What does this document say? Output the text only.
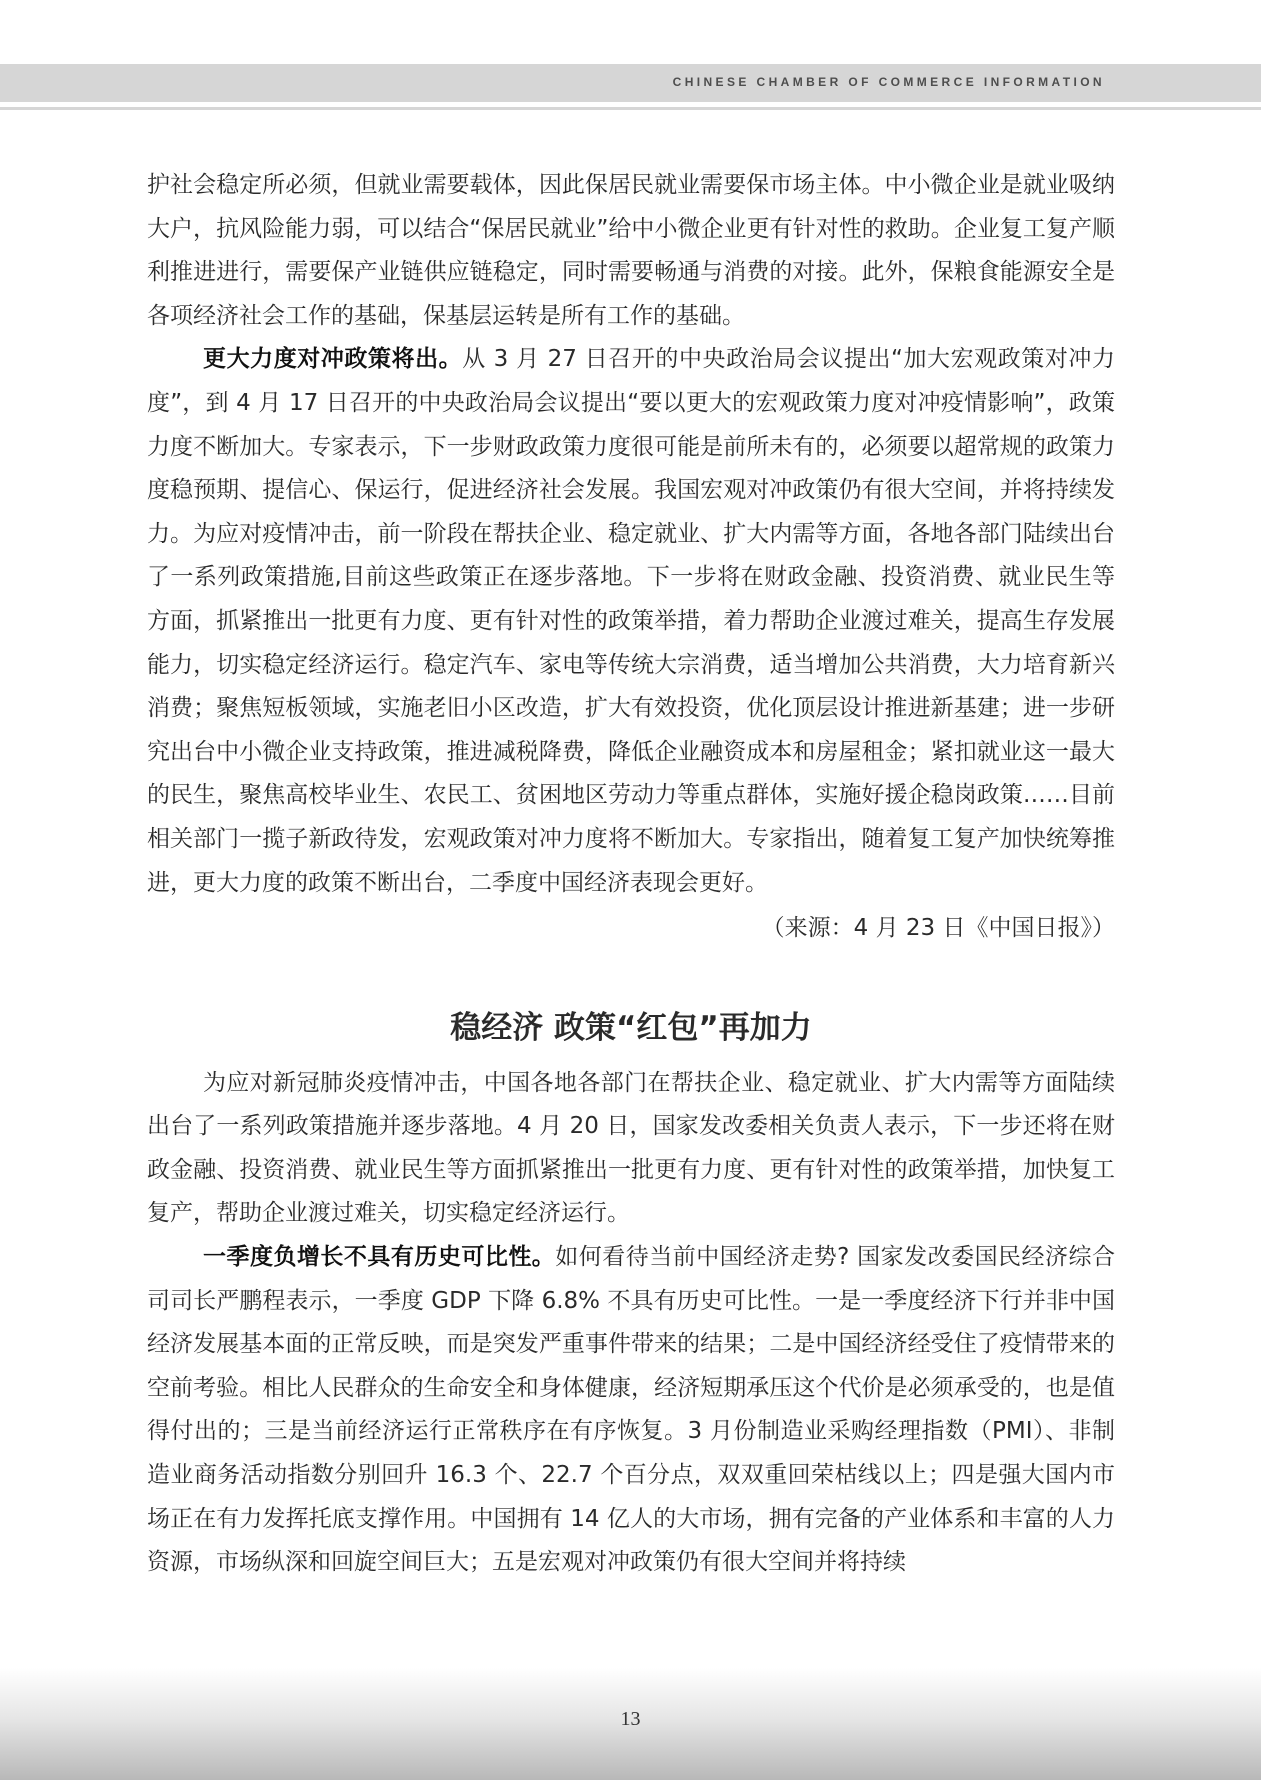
CHINESE CHAMBER OF COMMERCE INFORMATION

护社会稳定所必须，但就业需要载体，因此保居民就业需要保市场主体。中小微企业是就业吸纳大户，抗风险能力弱，可以结合“保居民就业”给中小微企业更有针对性的救助。企业复工复产顺利推进进行，需要保产业链供应链稳定，同时需要畅通与消费的对接。此外，保粮食能源安全是各项经济社会工作的基础，保基层运转是所有工作的基础。

更大力度对冲政策将出。从 3 月 27 日召开的中央政治局会议提出“加大宏观政策对冲力度”，到 4 月 17 日召开的中央政治局会议提出“要以更大的宏观政策力度对冲疫情影响”，政策力度不断加大。专家表示，下一步财政政策力度很可能是前所未有的，必须要以超常规的政策力度稳预期、提信心、保运行，促进经济社会发展。我国宏观对冲政策仍有很大空间，并将持续发力。为应对疫情冲击，前一阶段在帮扶企业、稳定就业、扩大内需等方面，各地各部门陆续出台了一系列政策措施,目前这些政策正在逐步落地。下一步将在财政金融、投资消费、就业民生等方面，抓紧推出一批更有力度、更有针对性的政策举措，着力帮助企业渡过难关，提高生存发展能力，切实稳定经济运行。稳定汽车、家电等传统大宗消费，适当增加公共消费，大力培育新兴消费；聚焦短板领域，实施老旧小区改造，扩大有效投资，优化顶层设计推进新基建；进一步研究出台中小微企业支持政策，推进减税降费，降低企业融资成本和房屋租金；紧扣就业这一最大的民生，聚焦高校毕业生、农民工、贫困地区劳动力等重点群体，实施好援企稳岗政策……目前相关部门一揽子新政待发，宏观政策对冲力度将不断加大。专家指出，随着复工复产加快统筹推进，更大力度的政策不断出台，二季度中国经济表现会更好。

（来源：4 月 23 日《中国日报》）

稳经济 政策“红包”再加力

为应对新冠肺炎疫情冲击，中国各地各部门在帮扶企业、稳定就业、扩大内需等方面陆续出台了一系列政策措施并逐步落地。4 月 20 日，国家发改委相关负责人表示，下一步还将在财政金融、投资消费、就业民生等方面抓紧推出一批更有力度、更有针对性的政策举措，加快复工复产，帮助企业渡过难关，切实稳定经济运行。

一季度负增长不具有历史可比性。如何看待当前中国经济走势? 国家发改委国民经济综合司司长严鹏程表示，一季度 GDP 下降 6.8% 不具有历史可比性。一是一季度经济下行并非中国经济发展基本面的正常反映，而是突发严重事件带来的结果；二是中国经济经受住了疫情带来的空前考验。相比人民群众的生命安全和身体健康，经济短期承压这个代价是必须承受的，也是值得付出的；三是当前经济运行正常秩序在有序恢复。3 月份制造业采购经理指数（PMI）、非制造业商务活动指数分别回升 16.3 个、22.7 个百分点，双双重回荣枯线以上；四是强大国内市场正在有力发挥托底支撑作用。中国拥有 14 亿人的大市场，拥有完备的产业体系和丰富的人力资源，市场纵深和回旋空间巨大；五是宏观对冲政策仍有很大空间并将持续

13
